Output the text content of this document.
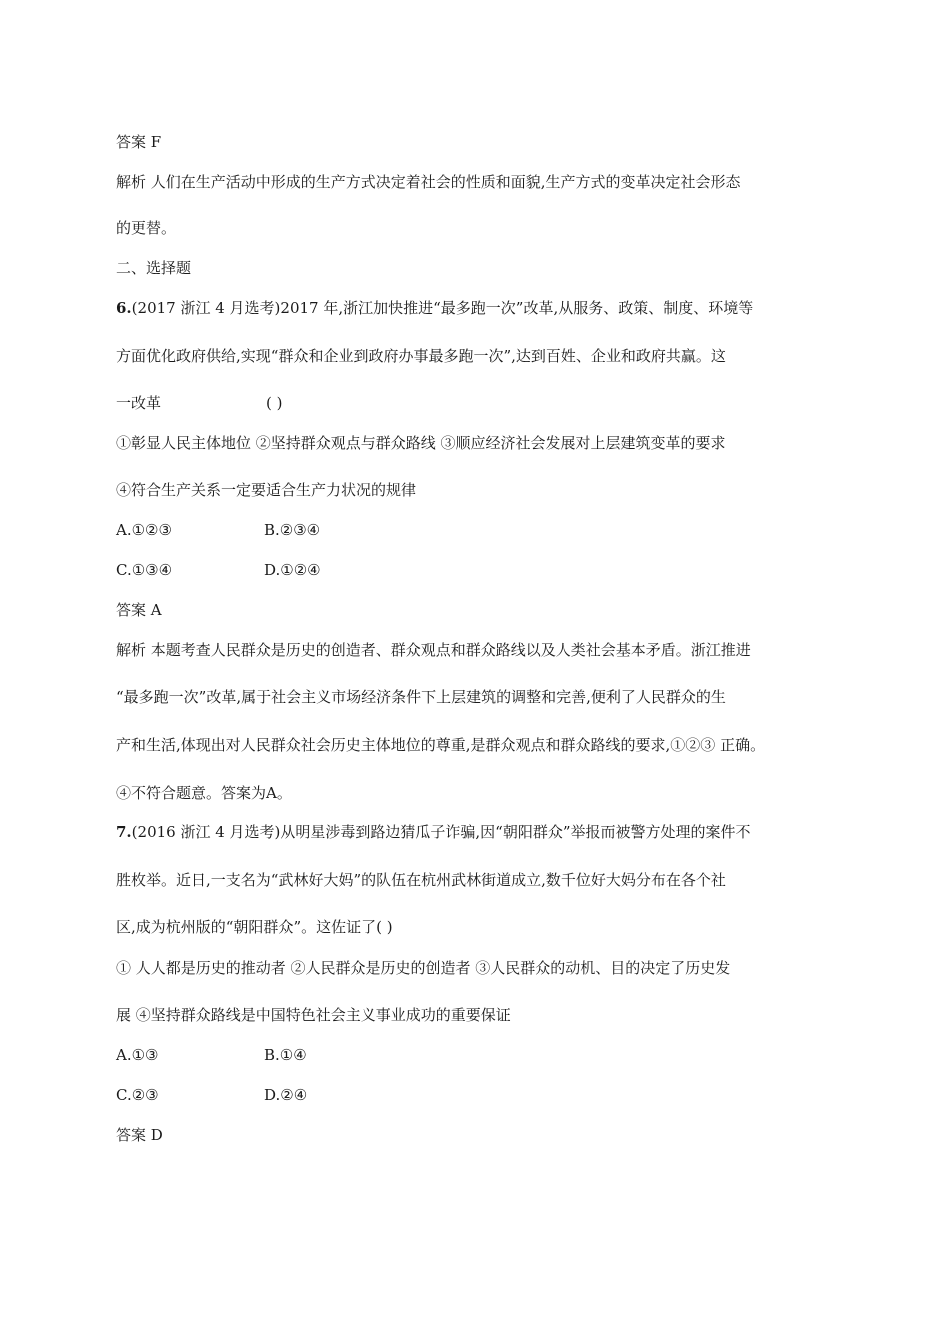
答案 F
解析 人们在生产活动中形成的生产方式决定着社会的性质和面貌,生产方式的变革决定社会形态
的更替。
二、选择题
6.(2017 浙江 4 月选考)2017 年,浙江加快推进“最多跑一次”改革,从服务、政策、制度、环境等
方面优化政府供给,实现“群众和企业到政府办事最多跑一次”,达到百姓、企业和政府共赢。这
一改革	( )
①彰显人民主体地位 ②坚持群众观点与群众路线 ③顺应经济社会发展对上层建筑变革的要求
④符合生产关系一定要适合生产力状况的规律
A.①②③	B.②③④
C.①③④	D.①②④
答案 A
解析 本题考查人民群众是历史的创造者、群众观点和群众路线以及人类社会基本矛盾。浙江推进
“最多跑一次”改革,属于社会主义市场经济条件下上层建筑的调整和完善,便利了人民群众的生
产和生活,体现出对人民群众社会历史主体地位的尊重,是群众观点和群众路线的要求,①②③ 正确。
④不符合题意。答案为A。
7.(2016 浙江 4 月选考)从明星涉毒到路边猜瓜子诈骗,因“朝阳群众”举报而被警方处理的案件不
胜枚举。近日,一支名为“武林好大妈”的队伍在杭州武林街道成立,数千位好大妈分布在各个社
区,成为杭州版的“朝阳群众”。这佐证了( )
① 人人都是历史的推动者 ②人民群众是历史的创造者 ③人民群众的动机、目的决定了历史发
展 ④坚持群众路线是中国特色社会主义事业成功的重要保证
A.①③	B.①④
C.②③	D.②④
答案 D
